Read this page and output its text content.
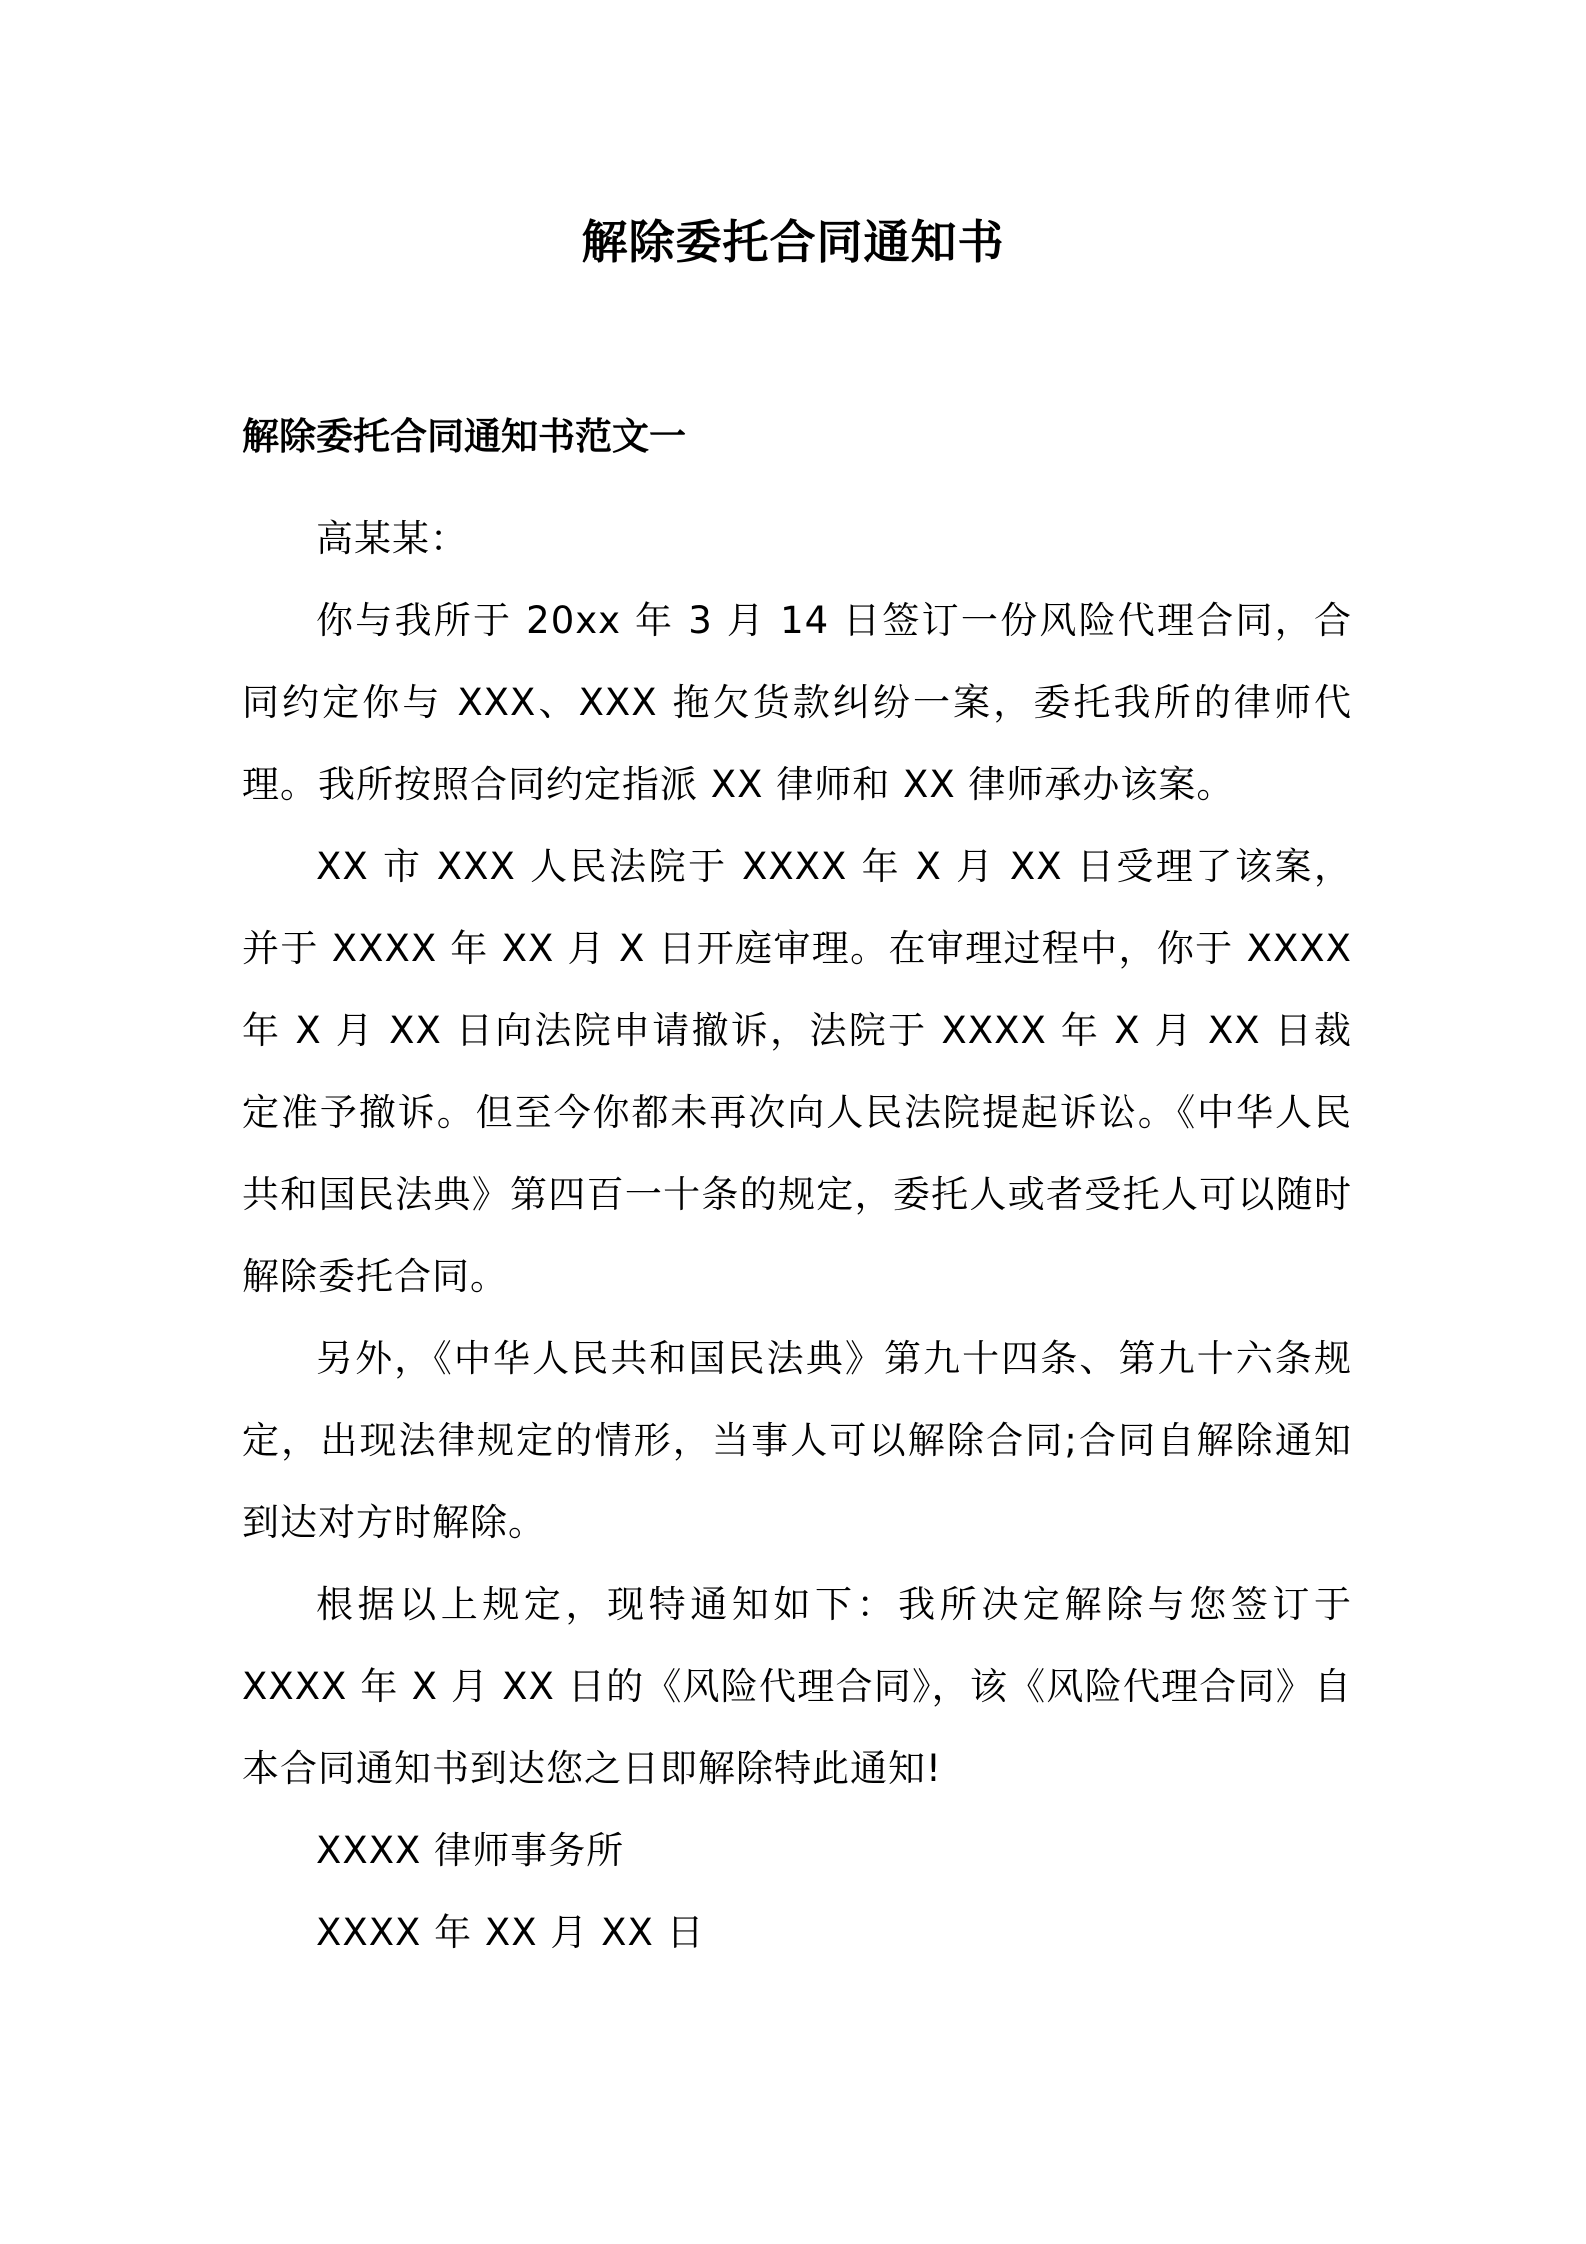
解除委托合同通知书
解除委托合同通知书范文一

高某某：

你与我所于 20xx 年 3 月 14 日签订一份风险代理合同，合同约定你与 XXX、XXX 拖欠货款纠纷一案，委托我所的律师代理。我所按照合同约定指派 XX 律师和 XX 律师承办该案。

XX 市 XXX 人民法院于 XXXX 年 X 月 XX 日受理了该案，并于 XXXX 年 XX 月 X 日开庭审理。在审理过程中，你于 XXXX 年 X 月 XX 日向法院申请撤诉，法院于 XXXX 年 X 月 XX 日裁定准予撤诉。但至今你都未再次向人民法院提起诉讼。《中华人民共和国民法典》第四百一十条的规定，委托人或者受托人可以随时解除委托合同。

另外，《中华人民共和国民法典》第九十四条、第九十六条规定，出现法律规定的情形，当事人可以解除合同;合同自解除通知到达对方时解除。

根据以上规定，现特通知如下：我所决定解除与您签订于 XXXX 年 X 月 XX 日的《风险代理合同》，该《风险代理合同》自本合同通知书到达您之日即解除特此通知!

XXXX 律师事务所

XXXX 年 XX 月 XX 日
